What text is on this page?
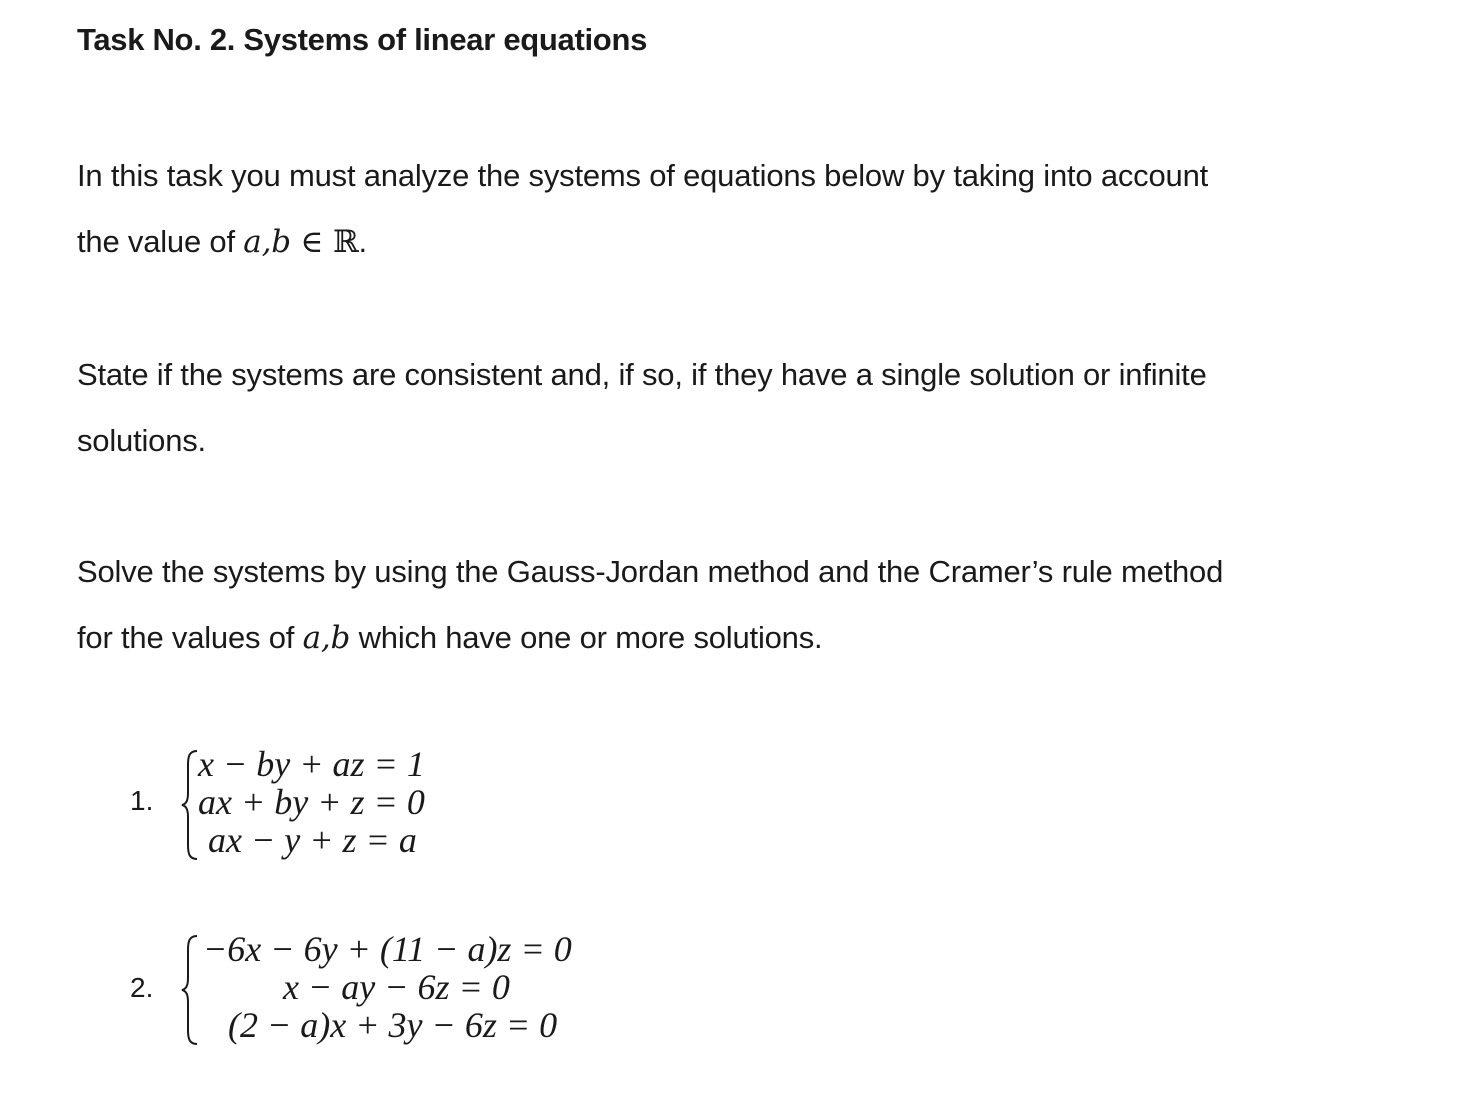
Task No. 2. Systems of linear equations
In this task you must analyze the systems of equations below by taking into account
the value of a,b ∈ ℝ.
State if the systems are consistent and, if so, if they have a single solution or infinite
solutions.
Solve the systems by using the Gauss-Jordan method and the Cramer’s rule method
for the values of a,b which have one or more solutions.
1.
x − by + az = 1
ax + by + z = 0
ax − y + z = a
2.
−6x − 6y + (11 − a)z = 0
x − ay − 6z = 0
(2 − a)x + 3y − 6z = 0
